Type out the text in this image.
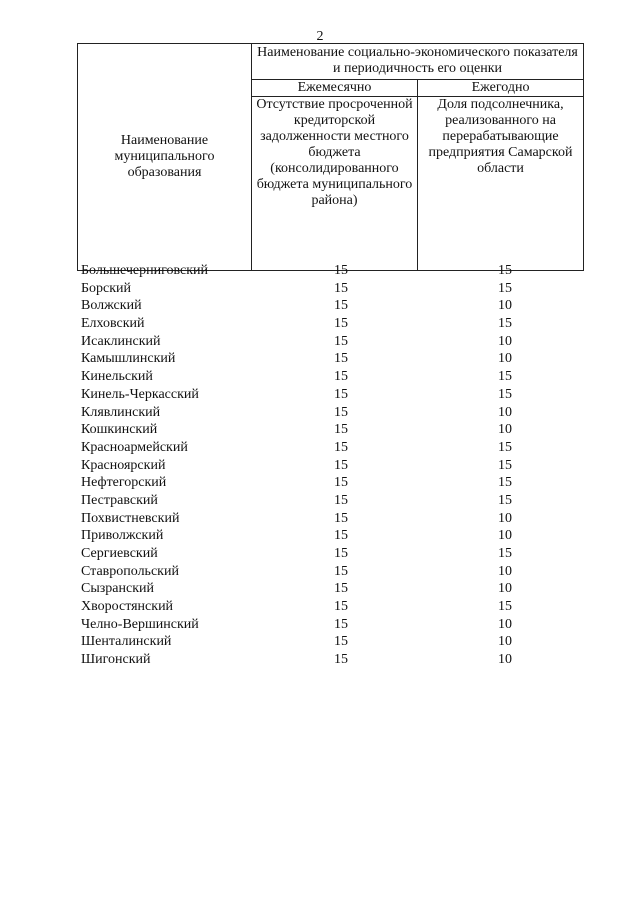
2
Наименование муниципального образования	Наименование социально-экономического показателя и периодичность его оценки	
	Ежемесячно	Ежегодно
	Отсутствие просроченной кредиторской задолженности местного бюджета (консолидированного бюджета муниципального района)	Доля подсолнечника, реализованного на перерабатывающие предприятия Самарской области
Большечерниговский	15	15
Борский	15	15
Волжский	15	10
Елховский	15	15
Исаклинский	15	10
Камышлинский	15	10
Кинельский	15	15
Кинель-Черкасский	15	15
Клявлинский	15	10
Кошкинский	15	10
Красноармейский	15	15
Красноярский	15	15
Нефтегорский	15	15
Пестравский	15	15
Похвистневский	15	10
Приволжский	15	10
Сергиевский	15	15
Ставропольский	15	10
Сызранский	15	10
Хворостянский	15	15
Челно-Вершинский	15	10
Шенталинский	15	10
Шигонский	15	10
